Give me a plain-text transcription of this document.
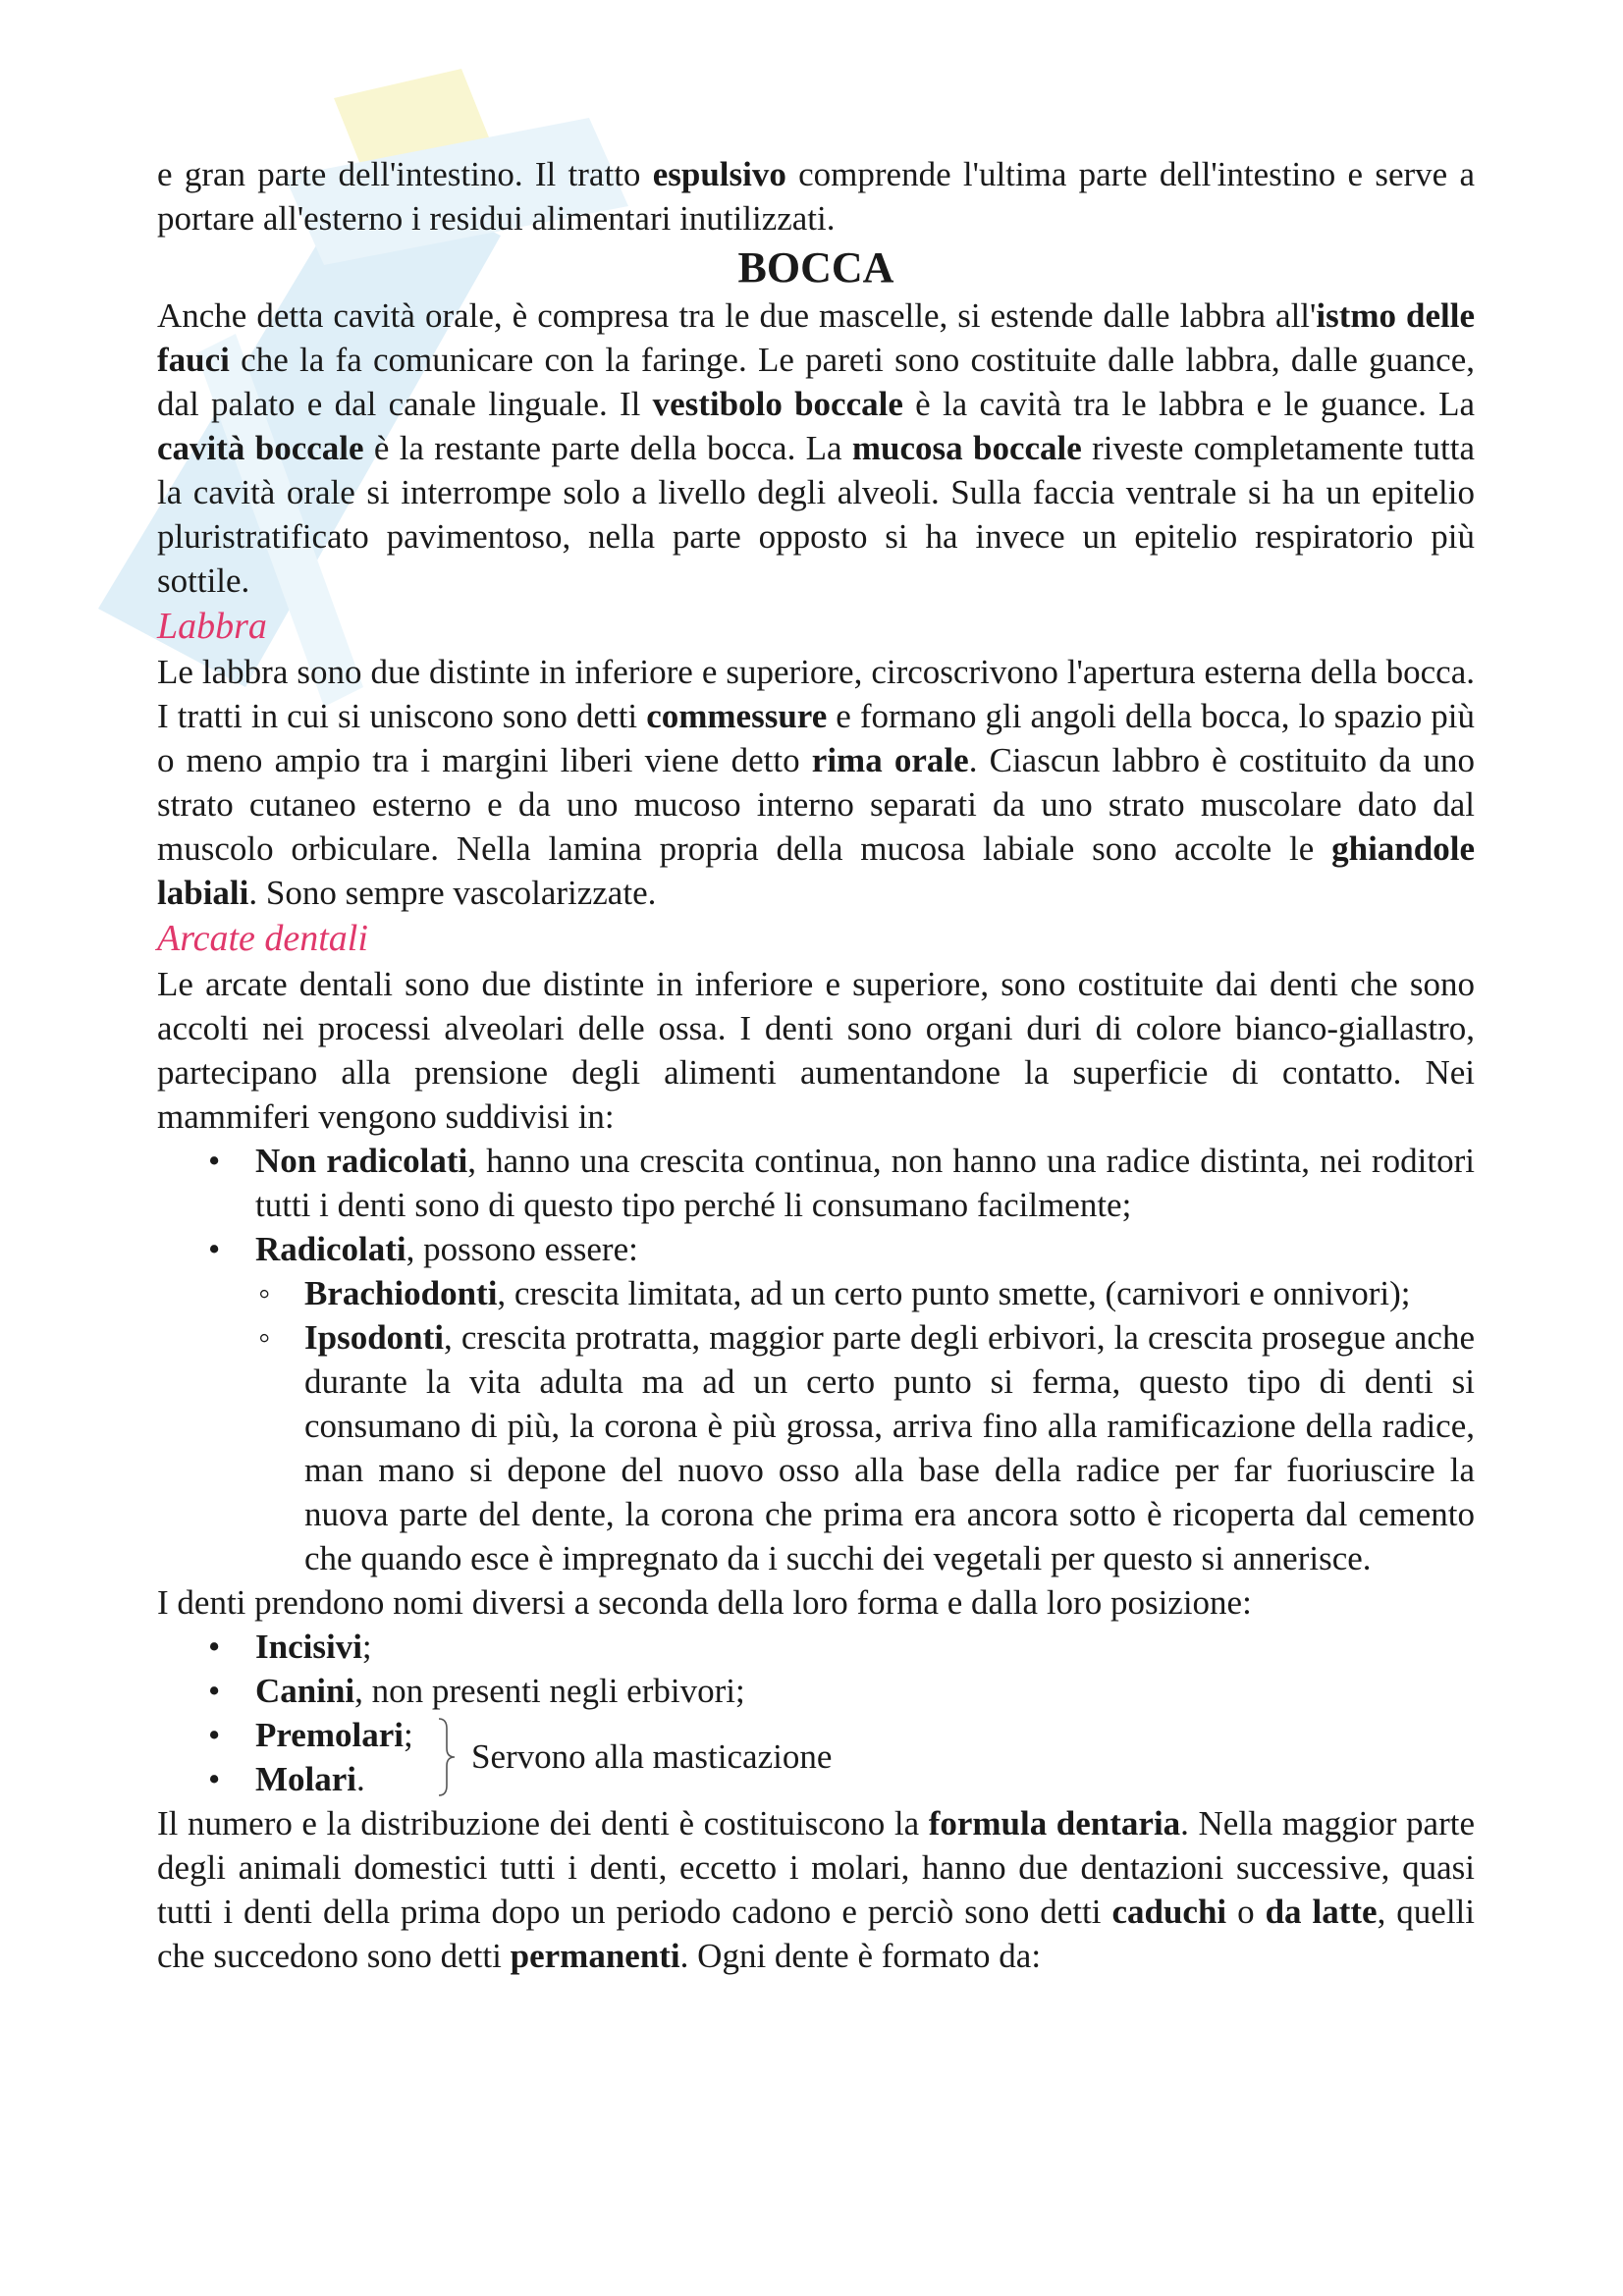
e gran parte dell'intestino. Il tratto espulsivo comprende l'ultima parte dell'intestino e serve a portare all'esterno i residui alimentari inutilizzati.

BOCCA

Anche detta cavità orale, è compresa tra le due mascelle, si estende dalle labbra all'istmo delle fauci che la fa comunicare con la faringe. Le pareti sono costituite dalle labbra, dalle guance, dal palato e dal canale linguale. Il vestibolo boccale è la cavità tra le labbra e le guance. La cavità boccale è la restante parte della bocca. La mucosa boccale riveste completamente tutta la cavità orale si interrompe solo a livello degli alveoli. Sulla faccia ventrale si ha un epitelio pluristratificato pavimentoso, nella parte opposto si ha invece un epitelio respiratorio più sottile.

Labbra

Le labbra sono due distinte in inferiore e superiore, circoscrivono l'apertura esterna della bocca. I tratti in cui si uniscono sono detti commessure e formano gli angoli della bocca, lo spazio più o meno ampio tra i margini liberi viene detto rima orale. Ciascun labbro è costituito da uno strato cutaneo esterno e da uno mucoso interno separati da uno strato muscolare dato dal muscolo orbiculare. Nella lamina propria della mucosa labiale sono accolte le ghiandole labiali. Sono sempre vascolarizzate.

Arcate dentali

Le arcate dentali sono due distinte in inferiore e superiore, sono costituite dai denti che sono accolti nei processi alveolari delle ossa. I denti sono organi duri di colore bianco-giallastro, partecipano alla prensione degli alimenti aumentandone la superficie di contatto. Nei mammiferi vengono suddivisi in:

• Non radicolati, hanno una crescita continua, non hanno una radice distinta, nei roditori tutti i denti sono di questo tipo perché li consumano facilmente;
• Radicolati, possono essere:
◦ Brachiodonti, crescita limitata, ad un certo punto smette, (carnivori e onnivori);
◦ Ipsodonti, crescita protratta, maggior parte degli erbivori, la crescita prosegue anche durante la vita adulta ma ad un certo punto si ferma, questo tipo di denti si consumano di più, la corona è più grossa, arriva fino alla ramificazione della radice, man mano si depone del nuovo osso alla base della radice per far fuoriuscire la nuova parte del dente, la corona che prima era ancora sotto è ricoperta dal cemento che quando esce è impregnato da i succhi dei vegetali per questo si annerisce.

I denti prendono nomi diversi a seconda della loro forma e dalla loro posizione:

• Incisivi;
• Canini, non presenti negli erbivori;
• Premolari;
• Molari.
Servono alla masticazione

Il numero e la distribuzione dei denti è costituiscono la formula dentaria. Nella maggior parte degli animali domestici tutti i denti, eccetto i molari, hanno due dentazioni successive, quasi tutti i denti della prima dopo un periodo cadono e perciò sono detti caduchi o da latte, quelli che succedono sono detti permanenti. Ogni dente è formato da:
